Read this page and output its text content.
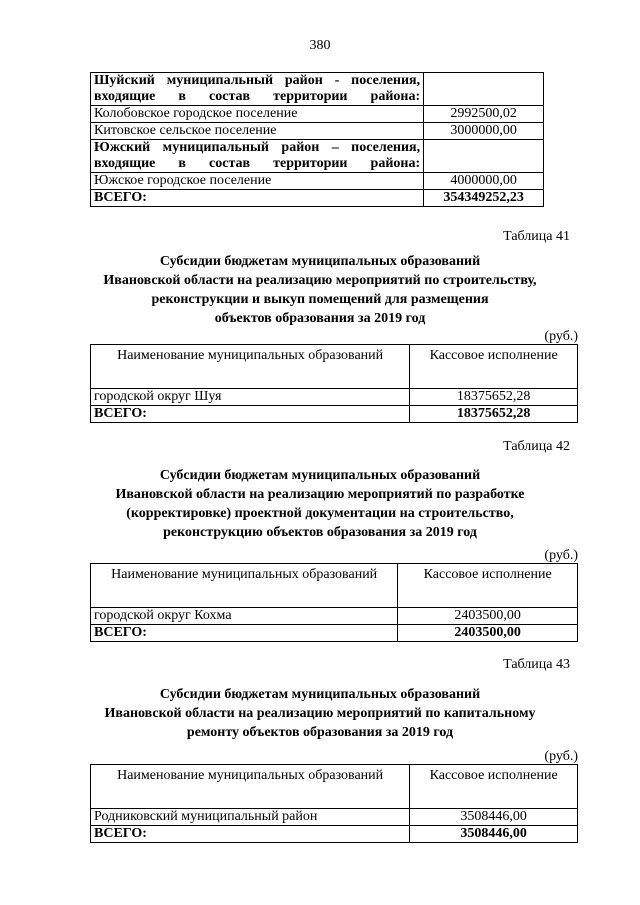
380
Шуйский муниципальный район - поселения, входящие в состав территории района:	
Колобовское городское поселение	2992500,02
Китовское сельское поселение	3000000,00
Южский муниципальный район – поселения, входящие в состав территории района:	
Южское городское поселение	4000000,00
ВСЕГО:	354349252,23
Таблица 41
Субсидии бюджетам муниципальных образований
Ивановской области на реализацию мероприятий по строительству,
реконструкции и выкуп помещений для размещения
объектов образования за 2019 год
(руб.)
Наименование муниципальных образований	Кассовое исполнение
городской округ Шуя	18375652,28
ВСЕГО:	18375652,28
Таблица 42
Субсидии бюджетам муниципальных образований
Ивановской области на реализацию мероприятий по разработке
(корректировке) проектной документации на строительство,
реконструкцию объектов образования за 2019 год
(руб.)
Наименование муниципальных образований	Кассовое исполнение
городской округ Кохма	2403500,00
ВСЕГО:	2403500,00
Таблица 43
Субсидии бюджетам муниципальных образований
Ивановской области на реализацию мероприятий по капитальному
ремонту объектов образования за 2019 год
(руб.)
Наименование муниципальных образований	Кассовое исполнение
Родниковский муниципальный район	3508446,00
ВСЕГО:	3508446,00
